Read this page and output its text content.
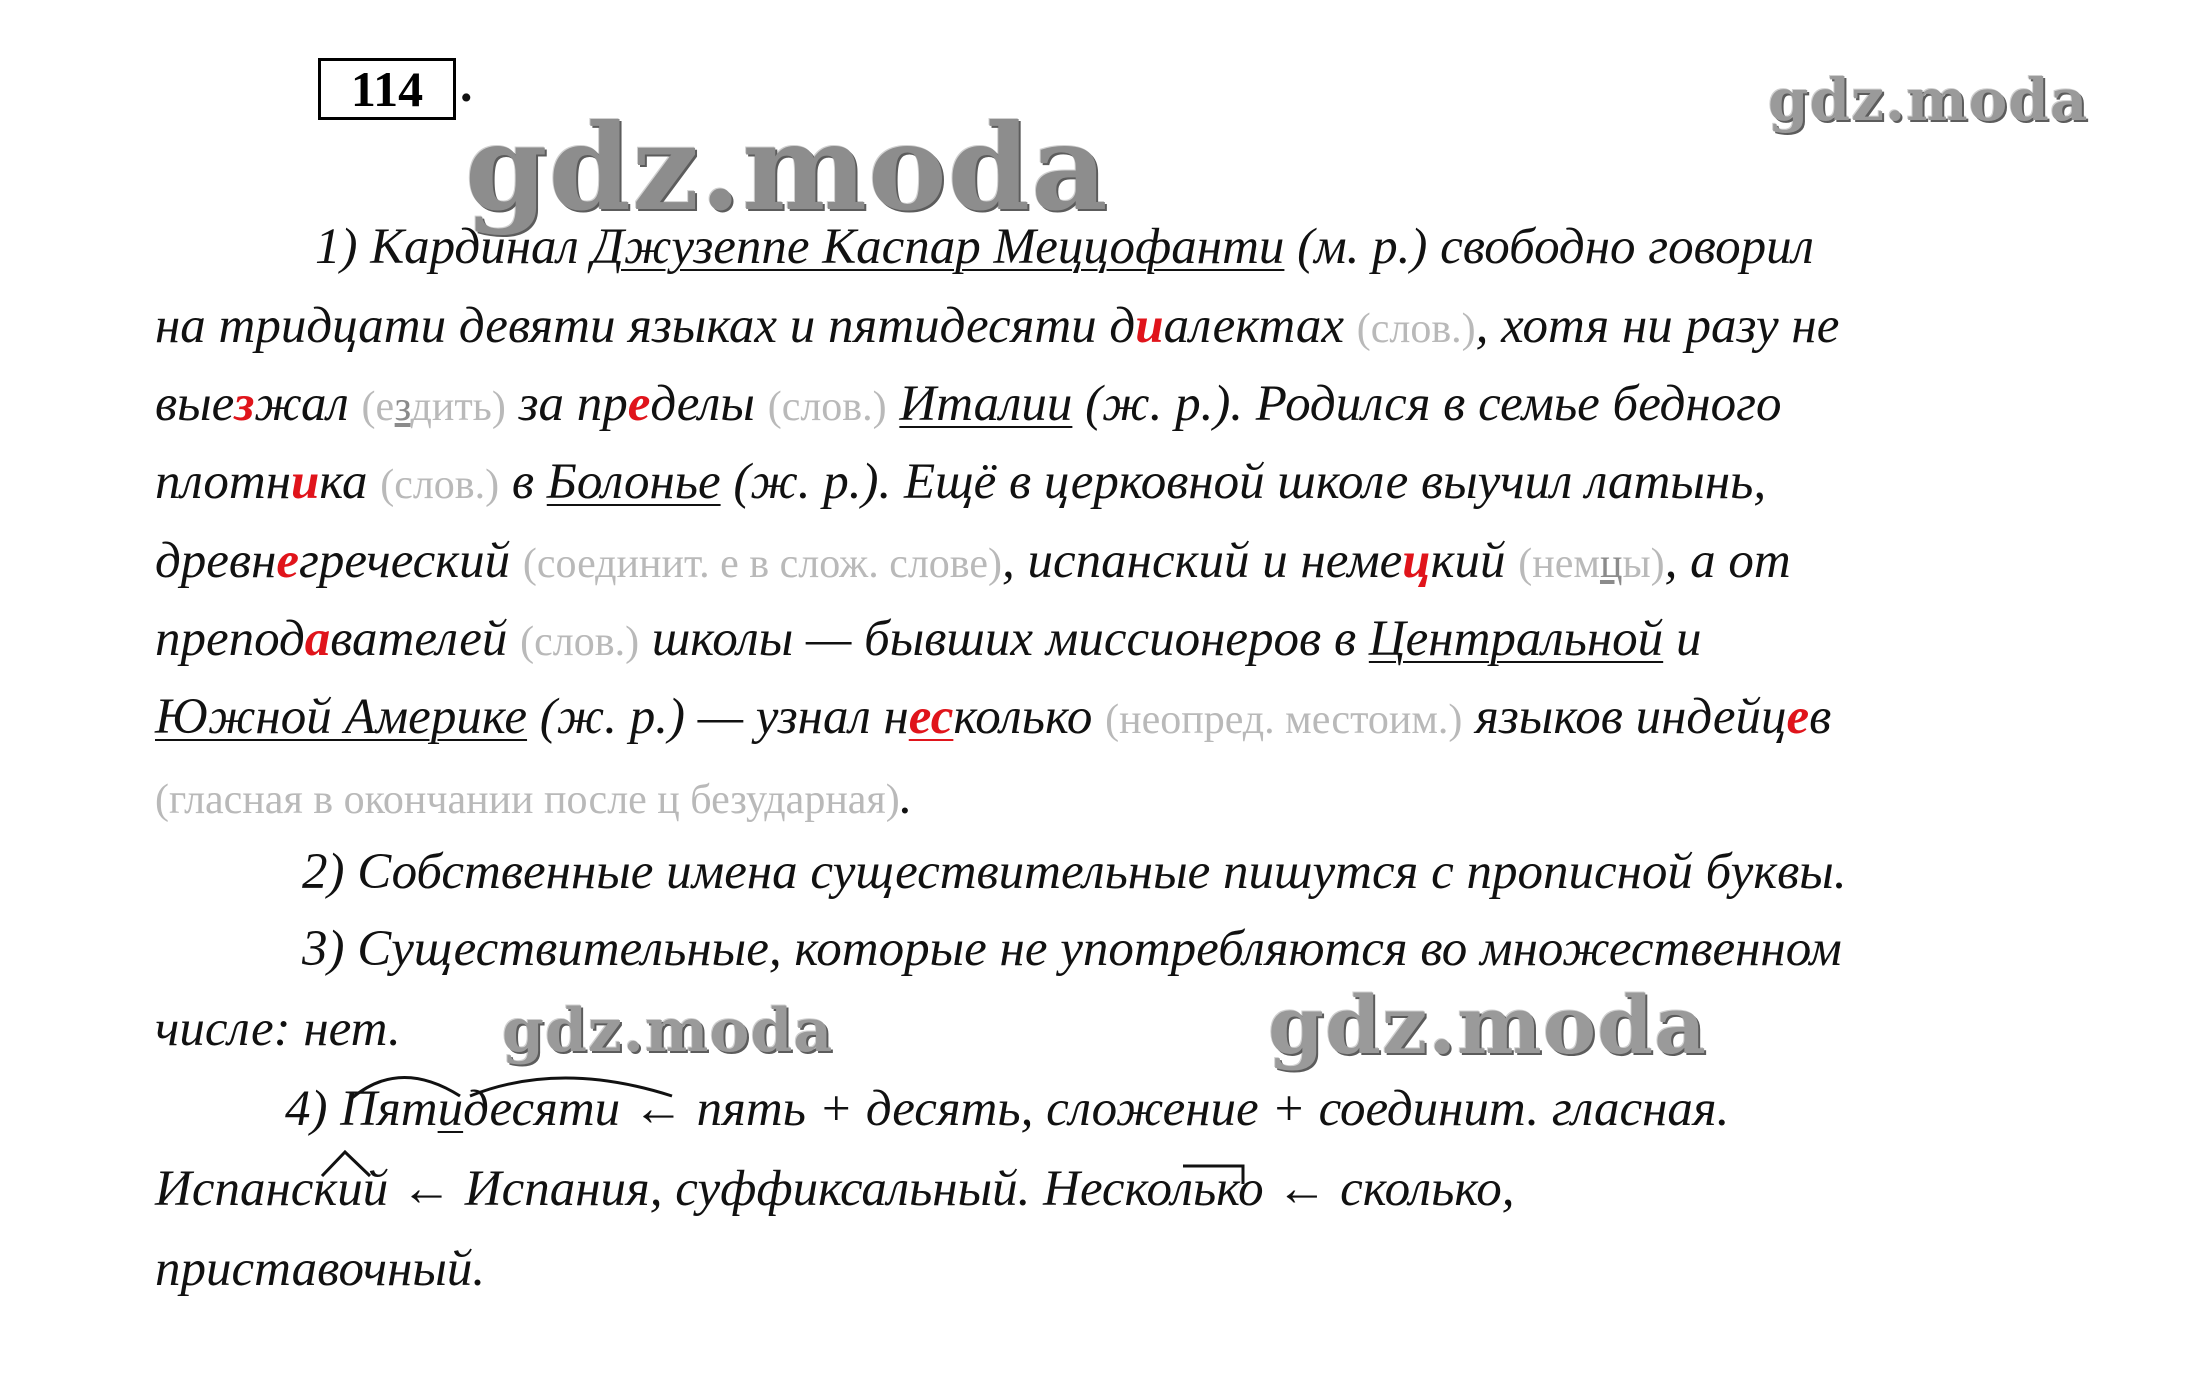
114 .
gdz.moda	gdz.moda
gdz.moda	gdz.moda
1) Кардинал Джузеппе Каспар Меццофанти (м. р.) свободно говорил
на тридцати девяти языках и пятидесяти диалектах (слов.), хотя ни разу не
выезжал (ездить) за пределы (слов.) Италии (ж. р.). Родился в семье бедного
плотника (слов.) в Болонье (ж. р.). Ещё в церковной школе выучил латынь,
древнегреческий (соединит. е в слож. слове), испанский и немецкий (немцы), а от
преподавателей (слов.) школы — бывших миссионеров в Центральной и
Южной Америке (ж. р.) — узнал несколько (неопред. местоим.) языков индейцев
(гласная в окончании после ц безударная).
2) Собственные имена существительные пишутся с прописной буквы.
3) Существительные, которые не употребляются во множественном
числе: нет.
4) Пятидесяти ← пять + десять, сложение + соединит. гласная.
Испанский ← Испания, суффиксальный. Несколько ← сколько,
приставочный.
